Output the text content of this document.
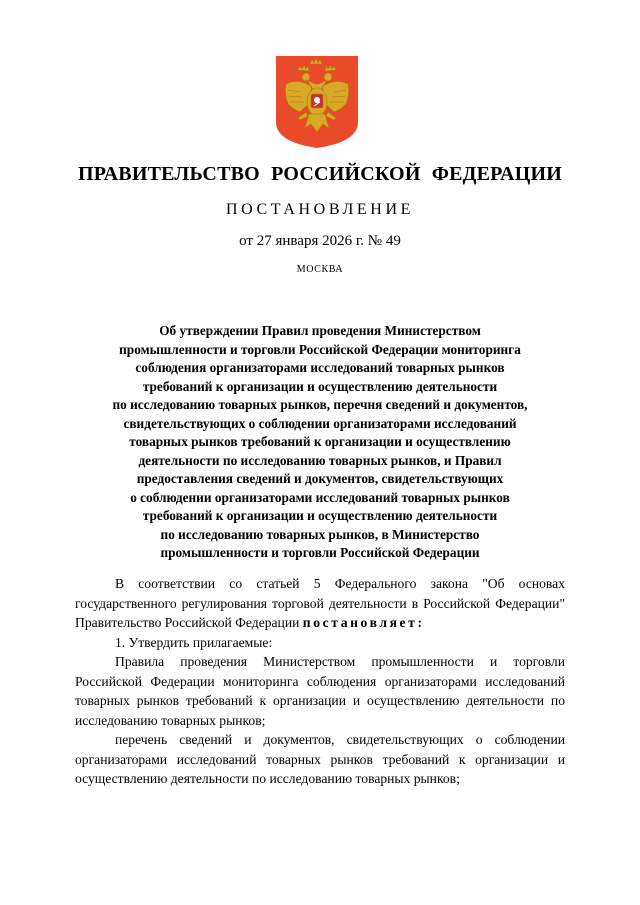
ПРАВИТЕЛЬСТВО РОССИЙСКОЙ ФЕДЕРАЦИИ
ПОСТАНОВЛЕНИЕ
от 27 января 2026 г. № 49
МОСКВА
Об утверждении Правил проведения Министерством
промышленности и торговли Российской Федерации мониторинга
соблюдения организаторами исследований товарных рынков
требований к организации и осуществлению деятельности
по исследованию товарных рынков, перечня сведений и документов,
свидетельствующих о соблюдении организаторами исследований
товарных рынков требований к организации и осуществлению
деятельности по исследованию товарных рынков, и Правил
предоставления сведений и документов, свидетельствующих
о соблюдении организаторами исследований товарных рынков
требований к организации и осуществлению деятельности
по исследованию товарных рынков, в Министерство
промышленности и торговли Российской Федерации

В соответствии со статьей 5 Федерального закона "Об основах государственного регулирования торговой деятельности в Российской Федерации" Правительство Российской Федерации постановляет:

1. Утвердить прилагаемые:

Правила проведения Министерством промышленности и торговли Российской Федерации мониторинга соблюдения организаторами исследований товарных рынков требований к организации и осуществлению деятельности по исследованию товарных рынков;

перечень сведений и документов, свидетельствующих о соблюдении организаторами исследований товарных рынков требований к организации и осуществлению деятельности по исследованию товарных рынков;
